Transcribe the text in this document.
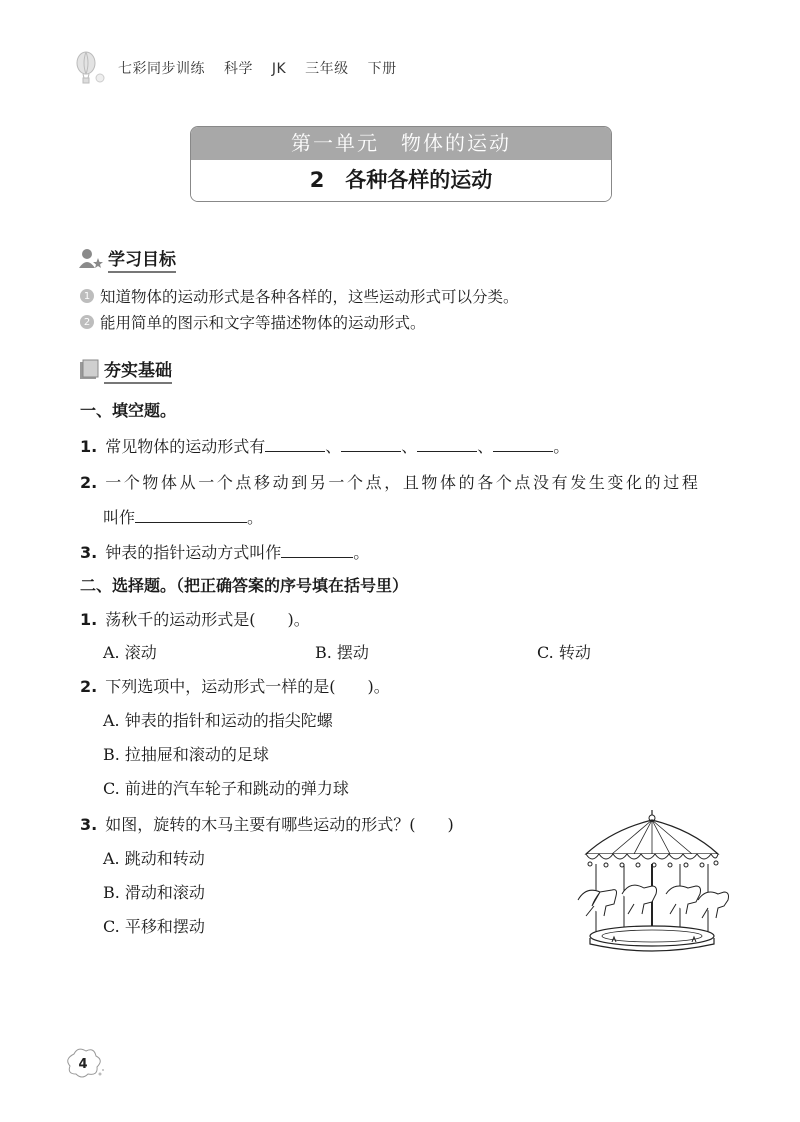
七彩同步训练 科学 JK 三年级 下册
第一单元　物体的运动
2　各种各样的运动
学习目标
1 知道物体的运动形式是各种各样的，这些运动形式可以分类。
2 能用简单的图示和文字等描述物体的运动形式。
夯实基础
一、填空题。
1. 常见物体的运动形式有	、	、	、	。
2. 一个物体从一个点移动到另一个点，且物体的各个点没有发生变化的过程
叫作	。
3. 钟表的指针运动方式叫作	。
二、选择题。（把正确答案的序号填在括号里）
1. 荡秋千的运动形式是(　　)。
A. 滚动	B. 摆动	C. 转动
2. 下列选项中，运动形式一样的是(　　)。
A. 钟表的指针和运动的指尖陀螺
B. 拉抽屉和滚动的足球
C. 前进的汽车轮子和跳动的弹力球
3. 如图，旋转的木马主要有哪些运动的形式？(　　)
A. 跳动和转动
B. 滑动和滚动
C. 平移和摆动
4
